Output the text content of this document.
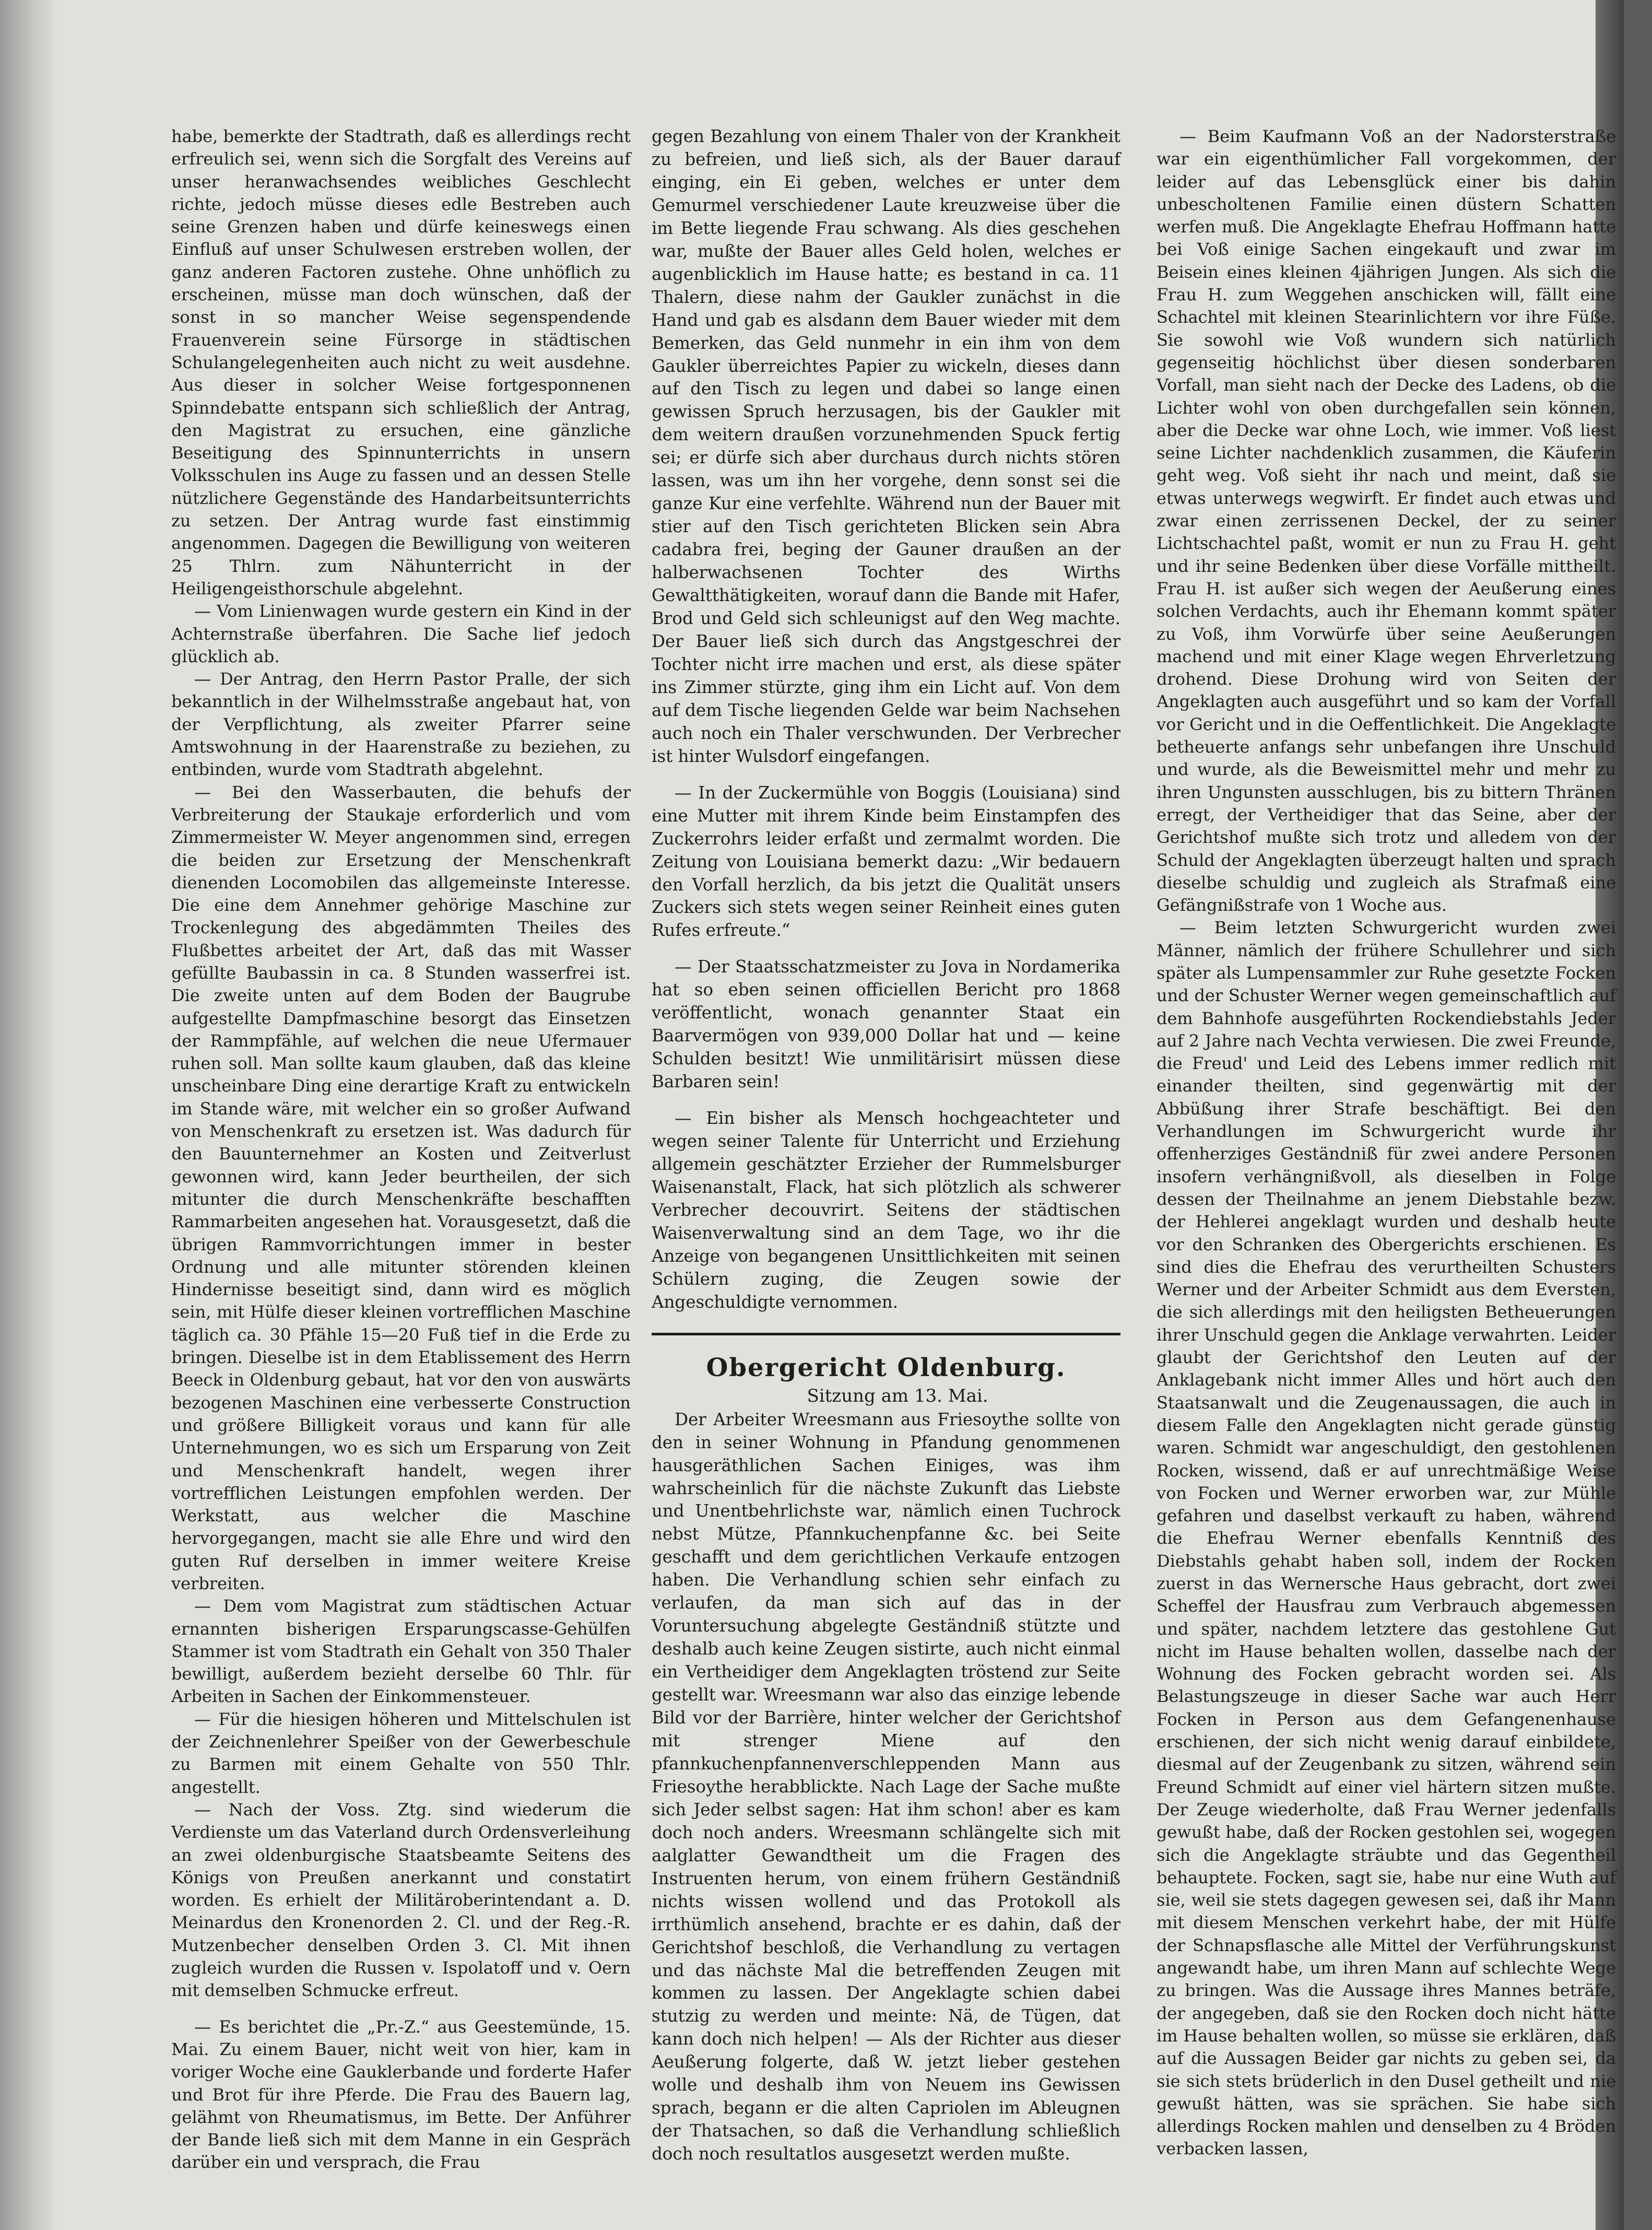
habe, bemerkte der Stadtrath, daß es allerdings recht erfreulich sei, wenn sich die Sorgfalt des Vereins auf unser heranwachsendes weibliches Geschlecht richte, jedoch müsse dieses edle Bestreben auch seine Grenzen haben und dürfe keineswegs einen Einfluß auf unser Schulwesen erstreben wollen, der ganz anderen Factoren zustehe. Ohne unhöflich zu erscheinen, müsse man doch wünschen, daß der sonst in so mancher Weise segenspendende Frauenverein seine Fürsorge in städtischen Schulangelegenheiten auch nicht zu weit ausdehne. Aus dieser in solcher Weise fortgesponnenen Spinndebatte entspann sich schließlich der Antrag, den Magistrat zu ersuchen, eine gänzliche Beseitigung des Spinnunterrichts in unsern Volksschulen ins Auge zu fassen und an dessen Stelle nützlichere Gegenstände des Handarbeitsunterrichts zu setzen. Der Antrag wurde fast einstimmig angenommen. Dagegen die Bewilligung von weiteren 25 Thlrn. zum Nähunterricht in der Heiligengeisthorschule abgelehnt.

— Vom Linienwagen wurde gestern ein Kind in der Achternstraße überfahren. Die Sache lief jedoch glücklich ab.

— Der Antrag, den Herrn Pastor Pralle, der sich bekanntlich in der Wilhelmsstraße angebaut hat, von der Verpflichtung, als zweiter Pfarrer seine Amtswohnung in der Haarenstraße zu beziehen, zu entbinden, wurde vom Stadtrath abgelehnt.

— Bei den Wasserbauten, die behufs der Verbreiterung der Staukaje erforderlich und vom Zimmermeister W. Meyer angenommen sind, erregen die beiden zur Ersetzung der Menschenkraft dienenden Locomobilen das allgemeinste Interesse. Die eine dem Annehmer gehörige Maschine zur Trockenlegung des abgedämmten Theiles des Flußbettes arbeitet der Art, daß das mit Wasser gefüllte Baubassin in ca. 8 Stunden wasserfrei ist. Die zweite unten auf dem Boden der Baugrube aufgestellte Dampfmaschine besorgt das Einsetzen der Rammpfähle, auf welchen die neue Ufermauer ruhen soll. Man sollte kaum glauben, daß das kleine unscheinbare Ding eine derartige Kraft zu entwickeln im Stande wäre, mit welcher ein so großer Aufwand von Menschenkraft zu ersetzen ist. Was dadurch für den Bauunternehmer an Kosten und Zeitverlust gewonnen wird, kann Jeder beurtheilen, der sich mitunter die durch Menschenkräfte beschafften Rammarbeiten angesehen hat. Vorausgesetzt, daß die übrigen Rammvorrichtungen immer in bester Ordnung und alle mitunter störenden kleinen Hindernisse beseitigt sind, dann wird es möglich sein, mit Hülfe dieser kleinen vortrefflichen Maschine täglich ca. 30 Pfähle 15—20 Fuß tief in die Erde zu bringen. Dieselbe ist in dem Etablissement des Herrn Beeck in Oldenburg gebaut, hat vor den von auswärts bezogenen Maschinen eine verbesserte Construction und größere Billigkeit voraus und kann für alle Unternehmungen, wo es sich um Ersparung von Zeit und Menschenkraft handelt, wegen ihrer vortrefflichen Leistungen empfohlen werden. Der Werkstatt, aus welcher die Maschine hervorgegangen, macht sie alle Ehre und wird den guten Ruf derselben in immer weitere Kreise verbreiten.

— Dem vom Magistrat zum städtischen Actuar ernannten bisherigen Ersparungscasse-Gehülfen Stammer ist vom Stadtrath ein Gehalt von 350 Thaler bewilligt, außerdem bezieht derselbe 60 Thlr. für Arbeiten in Sachen der Einkommensteuer.

— Für die hiesigen höheren und Mittelschulen ist der Zeichnenlehrer Speißer von der Gewerbeschule zu Barmen mit einem Gehalte von 550 Thlr. angestellt.

— Nach der Voss. Ztg. sind wiederum die Verdienste um das Vaterland durch Ordensverleihung an zwei oldenburgische Staatsbeamte Seitens des Königs von Preußen anerkannt und constatirt worden. Es erhielt der Militäroberintendant a. D. Meinardus den Kronenorden 2. Cl. und der Reg.-R. Mutzenbecher denselben Orden 3. Cl. Mit ihnen zugleich wurden die Russen v. Ispolatoff und v. Oern mit demselben Schmucke erfreut.

— Es berichtet die „Pr.-Z.“ aus Geestemünde, 15. Mai. Zu einem Bauer, nicht weit von hier, kam in voriger Woche eine Gauklerbande und forderte Hafer und Brot für ihre Pferde. Die Frau des Bauern lag, gelähmt von Rheumatismus, im Bette. Der Anführer der Bande ließ sich mit dem Manne in ein Gespräch darüber ein und versprach, die Frau

gegen Bezahlung von einem Thaler von der Krankheit zu befreien, und ließ sich, als der Bauer darauf einging, ein Ei geben, welches er unter dem Gemurmel verschiedener Laute kreuzweise über die im Bette liegende Frau schwang. Als dies geschehen war, mußte der Bauer alles Geld holen, welches er augenblicklich im Hause hatte; es bestand in ca. 11 Thalern, diese nahm der Gaukler zunächst in die Hand und gab es alsdann dem Bauer wieder mit dem Bemerken, das Geld nunmehr in ein ihm von dem Gaukler überreichtes Papier zu wickeln, dieses dann auf den Tisch zu legen und dabei so lange einen gewissen Spruch herzusagen, bis der Gaukler mit dem weitern draußen vorzunehmenden Spuck fertig sei; er dürfe sich aber durchaus durch nichts stören lassen, was um ihn her vorgehe, denn sonst sei die ganze Kur eine verfehlte. Während nun der Bauer mit stier auf den Tisch gerichteten Blicken sein Abra cadabra frei, beging der Gauner draußen an der halberwachsenen Tochter des Wirths Gewaltthätigkeiten, worauf dann die Bande mit Hafer, Brod und Geld sich schleunigst auf den Weg machte. Der Bauer ließ sich durch das Angstgeschrei der Tochter nicht irre machen und erst, als diese später ins Zimmer stürzte, ging ihm ein Licht auf. Von dem auf dem Tische liegenden Gelde war beim Nachsehen auch noch ein Thaler verschwunden. Der Verbrecher ist hinter Wulsdorf eingefangen.

— In der Zuckermühle von Boggis (Louisiana) sind eine Mutter mit ihrem Kinde beim Einstampfen des Zuckerrohrs leider erfaßt und zermalmt worden. Die Zeitung von Louisiana bemerkt dazu: „Wir bedauern den Vorfall herzlich, da bis jetzt die Qualität unsers Zuckers sich stets wegen seiner Reinheit eines guten Rufes erfreute.“

— Der Staatsschatzmeister zu Jova in Nordamerika hat so eben seinen officiellen Bericht pro 1868 veröffentlicht, wonach genannter Staat ein Baarvermögen von 939,000 Dollar hat und — keine Schulden besitzt! Wie unmilitärisirt müssen diese Barbaren sein!

— Ein bisher als Mensch hochgeachteter und wegen seiner Talente für Unterricht und Erziehung allgemein geschätzter Erzieher der Rummelsburger Waisenanstalt, Flack, hat sich plötzlich als schwerer Verbrecher decouvrirt. Seitens der städtischen Waisenverwaltung sind an dem Tage, wo ihr die Anzeige von begangenen Unsittlichkeiten mit seinen Schülern zuging, die Zeugen sowie der Angeschuldigte vernommen.

Obergericht Oldenburg.

Sitzung am 13. Mai.

Der Arbeiter Wreesmann aus Friesoythe sollte von den in seiner Wohnung in Pfandung genommenen hausgeräthlichen Sachen Einiges, was ihm wahrscheinlich für die nächste Zukunft das Liebste und Unentbehrlichste war, nämlich einen Tuchrock nebst Mütze, Pfannkuchenpfanne &c. bei Seite geschafft und dem gerichtlichen Verkaufe entzogen haben. Die Verhandlung schien sehr einfach zu verlaufen, da man sich auf das in der Voruntersuchung abgelegte Geständniß stützte und deshalb auch keine Zeugen sistirte, auch nicht einmal ein Vertheidiger dem Angeklagten tröstend zur Seite gestellt war. Wreesmann war also das einzige lebende Bild vor der Barrière, hinter welcher der Gerichtshof mit strenger Miene auf den pfannkuchenpfannenverschleppenden Mann aus Friesoythe herabblickte. Nach Lage der Sache mußte sich Jeder selbst sagen: Hat ihm schon! aber es kam doch noch anders. Wreesmann schlängelte sich mit aalglatter Gewandtheit um die Fragen des Instruenten herum, von einem frühern Geständniß nichts wissen wollend und das Protokoll als irrthümlich ansehend, brachte er es dahin, daß der Gerichtshof beschloß, die Verhandlung zu vertagen und das nächste Mal die betreffenden Zeugen mit kommen zu lassen. Der Angeklagte schien dabei stutzig zu werden und meinte: Nä, de Tügen, dat kann doch nich helpen! — Als der Richter aus dieser Aeußerung folgerte, daß W. jetzt lieber gestehen wolle und deshalb ihm von Neuem ins Gewissen sprach, begann er die alten Capriolen im Ableugnen der Thatsachen, so daß die Verhandlung schließlich doch noch resultatlos ausgesetzt werden mußte.

— Beim Kaufmann Voß an der Nadorsterstraße war ein eigenthümlicher Fall vorgekommen, der leider auf das Lebensglück einer bis dahin unbescholtenen Familie einen düstern Schatten werfen muß. Die Angeklagte Ehefrau Hoffmann hatte bei Voß einige Sachen eingekauft und zwar im Beisein eines kleinen 4jährigen Jungen. Als sich die Frau H. zum Weggehen anschicken will, fällt eine Schachtel mit kleinen Stearinlichtern vor ihre Füße. Sie sowohl wie Voß wundern sich natürlich gegenseitig höchlichst über diesen sonderbaren Vorfall, man sieht nach der Decke des Ladens, ob die Lichter wohl von oben durchgefallen sein können, aber die Decke war ohne Loch, wie immer. Voß liest seine Lichter nachdenklich zusammen, die Käuferin geht weg. Voß sieht ihr nach und meint, daß sie etwas unterwegs wegwirft. Er findet auch etwas und zwar einen zerrissenen Deckel, der zu seiner Lichtschachtel paßt, womit er nun zu Frau H. geht und ihr seine Bedenken über diese Vorfälle mittheilt. Frau H. ist außer sich wegen der Aeußerung eines solchen Verdachts, auch ihr Ehemann kommt später zu Voß, ihm Vorwürfe über seine Aeußerungen machend und mit einer Klage wegen Ehrverletzung drohend. Diese Drohung wird von Seiten der Angeklagten auch ausgeführt und so kam der Vorfall vor Gericht und in die Oeffentlichkeit. Die Angeklagte betheuerte anfangs sehr unbefangen ihre Unschuld und wurde, als die Beweismittel mehr und mehr zu ihren Ungunsten ausschlugen, bis zu bittern Thränen erregt, der Vertheidiger that das Seine, aber der Gerichtshof mußte sich trotz und alledem von der Schuld der Angeklagten überzeugt halten und sprach dieselbe schuldig und zugleich als Strafmaß eine Gefängnißstrafe von 1 Woche aus.

— Beim letzten Schwurgericht wurden zwei Männer, nämlich der frühere Schullehrer und sich später als Lumpensammler zur Ruhe gesetzte Focken und der Schuster Werner wegen gemeinschaftlich auf dem Bahnhofe ausgeführten Rockendiebstahls Jeder auf 2 Jahre nach Vechta verwiesen. Die zwei Freunde, die Freud' und Leid des Lebens immer redlich mit einander theilten, sind gegenwärtig mit der Abbüßung ihrer Strafe beschäftigt. Bei den Verhandlungen im Schwurgericht wurde ihr offenherziges Geständniß für zwei andere Personen insofern verhängnißvoll, als dieselben in Folge dessen der Theilnahme an jenem Diebstahle bezw. der Hehlerei angeklagt wurden und deshalb heute vor den Schranken des Obergerichts erschienen. Es sind dies die Ehefrau des verurtheilten Schusters Werner und der Arbeiter Schmidt aus dem Eversten, die sich allerdings mit den heiligsten Betheuerungen ihrer Unschuld gegen die Anklage verwahrten. Leider glaubt der Gerichtshof den Leuten auf der Anklagebank nicht immer Alles und hört auch den Staatsanwalt und die Zeugenaussagen, die auch in diesem Falle den Angeklagten nicht gerade günstig waren. Schmidt war angeschuldigt, den gestohlenen Rocken, wissend, daß er auf unrechtmäßige Weise von Focken und Werner erworben war, zur Mühle gefahren und daselbst verkauft zu haben, während die Ehefrau Werner ebenfalls Kenntniß des Diebstahls gehabt haben soll, indem der Rocken zuerst in das Wernersche Haus gebracht, dort zwei Scheffel der Hausfrau zum Verbrauch abgemessen und später, nachdem letztere das gestohlene Gut nicht im Hause behalten wollen, dasselbe nach der Wohnung des Focken gebracht worden sei. Als Belastungszeuge in dieser Sache war auch Herr Focken in Person aus dem Gefangenenhause erschienen, der sich nicht wenig darauf einbildete, diesmal auf der Zeugenbank zu sitzen, während sein Freund Schmidt auf einer viel härtern sitzen mußte. Der Zeuge wiederholte, daß Frau Werner jedenfalls gewußt habe, daß der Rocken gestohlen sei, wogegen sich die Angeklagte sträubte und das Gegentheil behauptete. Focken, sagt sie, habe nur eine Wuth auf sie, weil sie stets dagegen gewesen sei, daß ihr Mann mit diesem Menschen verkehrt habe, der mit Hülfe der Schnapsflasche alle Mittel der Verführungskunst angewandt habe, um ihren Mann auf schlechte Wege zu bringen. Was die Aussage ihres Mannes beträfe, der angegeben, daß sie den Rocken doch nicht hätte im Hause behalten wollen, so müsse sie erklären, daß auf die Aussagen Beider gar nichts zu geben sei, da sie sich stets brüderlich in den Dusel getheilt und nie gewußt hätten, was sie sprächen. Sie habe sich allerdings Rocken mahlen und denselben zu 4 Bröden verbacken lassen,
